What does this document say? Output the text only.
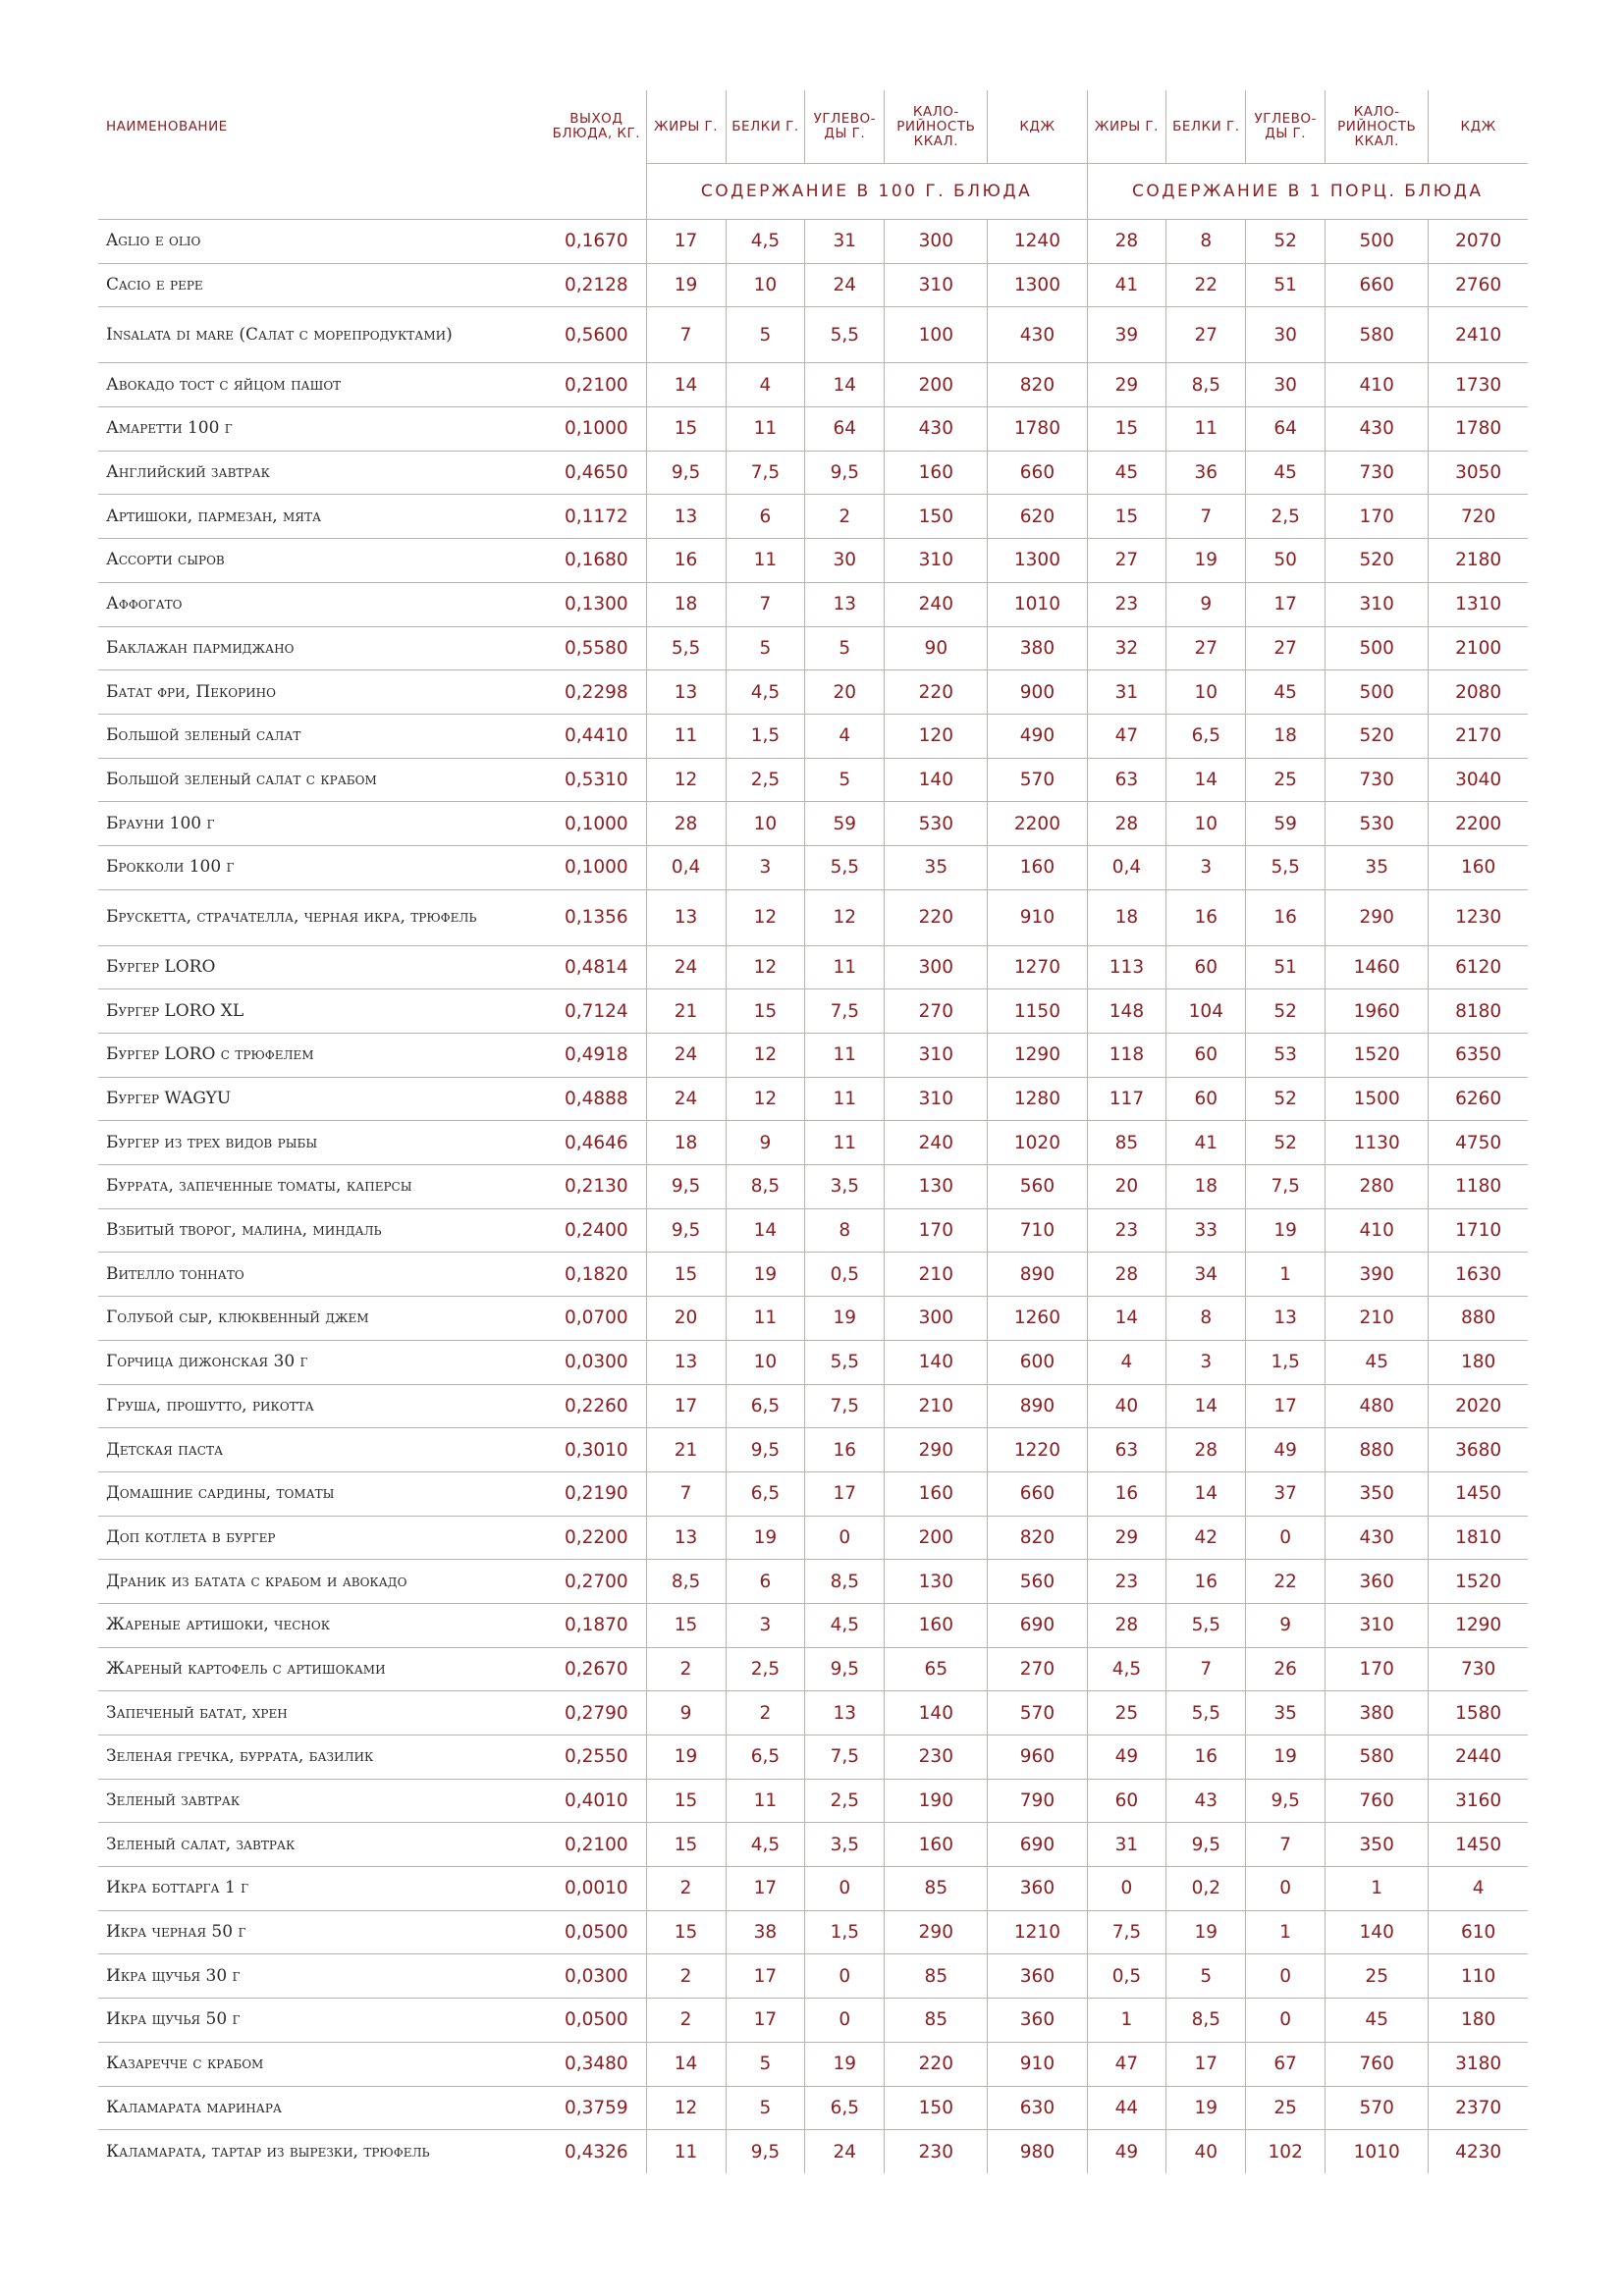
НАИМЕНОВАНИЕ	ВЫХОД БЛЮДА, КГ.	ЖИРЫ Г.	БЕЛКИ Г.	УГЛЕВО-ДЫ Г.	КАЛО-РИЙНОСТЬ ККАЛ.	КДЖ	ЖИРЫ Г.	БЕЛКИ Г.	УГЛЕВО-ДЫ Г.	КАЛО-РИЙНОСТЬ ККАЛ.	КДЖ
		СОДЕРЖАНИЕ В 100 Г. БЛЮДА					СОДЕРЖАНИЕ В 1 ПОРЦ. БЛЮДА				
Aglio e olio	0,1670	17	4,5	31	300	1240	28	8	52	500	2070
Cacio e pepe	0,2128	19	10	24	310	1300	41	22	51	660	2760
Insalata di mare (Салат с морепродуктами)	0,5600	7	5	5,5	100	430	39	27	30	580	2410
Авокадо тост с яйцом пашот	0,2100	14	4	14	200	820	29	8,5	30	410	1730
Амаретти 100 г	0,1000	15	11	64	430	1780	15	11	64	430	1780
Английский завтрак	0,4650	9,5	7,5	9,5	160	660	45	36	45	730	3050
Артишоки, пармезан, мята	0,1172	13	6	2	150	620	15	7	2,5	170	720
Ассорти сыров	0,1680	16	11	30	310	1300	27	19	50	520	2180
Аффогато	0,1300	18	7	13	240	1010	23	9	17	310	1310
Баклажан пармиджано	0,5580	5,5	5	5	90	380	32	27	27	500	2100
Батат фри, Пекорино	0,2298	13	4,5	20	220	900	31	10	45	500	2080
Большой зеленый салат	0,4410	11	1,5	4	120	490	47	6,5	18	520	2170
Большой зеленый салат с крабом	0,5310	12	2,5	5	140	570	63	14	25	730	3040
Брауни 100 г	0,1000	28	10	59	530	2200	28	10	59	530	2200
Брокколи 100 г	0,1000	0,4	3	5,5	35	160	0,4	3	5,5	35	160
Брускетта, страчателла, черная икра, трюфель	0,1356	13	12	12	220	910	18	16	16	290	1230
Бургер LORO	0,4814	24	12	11	300	1270	113	60	51	1460	6120
Бургер LORO XL	0,7124	21	15	7,5	270	1150	148	104	52	1960	8180
Бургер LORO с трюфелем	0,4918	24	12	11	310	1290	118	60	53	1520	6350
Бургер WAGYU	0,4888	24	12	11	310	1280	117	60	52	1500	6260
Бургер из трех видов рыбы	0,4646	18	9	11	240	1020	85	41	52	1130	4750
Буррата, запеченные томаты, каперсы	0,2130	9,5	8,5	3,5	130	560	20	18	7,5	280	1180
Взбитый творог, малина, миндаль	0,2400	9,5	14	8	170	710	23	33	19	410	1710
Вителло тоннато	0,1820	15	19	0,5	210	890	28	34	1	390	1630
Голубой сыр, клюквенный джем	0,0700	20	11	19	300	1260	14	8	13	210	880
Горчица дижонская 30 г	0,0300	13	10	5,5	140	600	4	3	1,5	45	180
Груша, прошутто, рикотта	0,2260	17	6,5	7,5	210	890	40	14	17	480	2020
Детская паста	0,3010	21	9,5	16	290	1220	63	28	49	880	3680
Домашние сардины, томаты	0,2190	7	6,5	17	160	660	16	14	37	350	1450
Доп котлета в бургер	0,2200	13	19	0	200	820	29	42	0	430	1810
Драник из батата с крабом и авокадо	0,2700	8,5	6	8,5	130	560	23	16	22	360	1520
Жареные артишоки, чеснок	0,1870	15	3	4,5	160	690	28	5,5	9	310	1290
Жареный картофель с артишоками	0,2670	2	2,5	9,5	65	270	4,5	7	26	170	730
Запеченый батат, хрен	0,2790	9	2	13	140	570	25	5,5	35	380	1580
Зеленая гречка, буррата, базилик	0,2550	19	6,5	7,5	230	960	49	16	19	580	2440
Зеленый завтрак	0,4010	15	11	2,5	190	790	60	43	9,5	760	3160
Зеленый салат, завтрак	0,2100	15	4,5	3,5	160	690	31	9,5	7	350	1450
Икра боттарга 1 г	0,0010	2	17	0	85	360	0	0,2	0	1	4
Икра черная 50 г	0,0500	15	38	1,5	290	1210	7,5	19	1	140	610
Икра щучья 30 г	0,0300	2	17	0	85	360	0,5	5	0	25	110
Икра щучья 50 г	0,0500	2	17	0	85	360	1	8,5	0	45	180
Казаречче с крабом	0,3480	14	5	19	220	910	47	17	67	760	3180
Каламарата маринара	0,3759	12	5	6,5	150	630	44	19	25	570	2370
Каламарата, тартар из вырезки, трюфель	0,4326	11	9,5	24	230	980	49	40	102	1010	4230
